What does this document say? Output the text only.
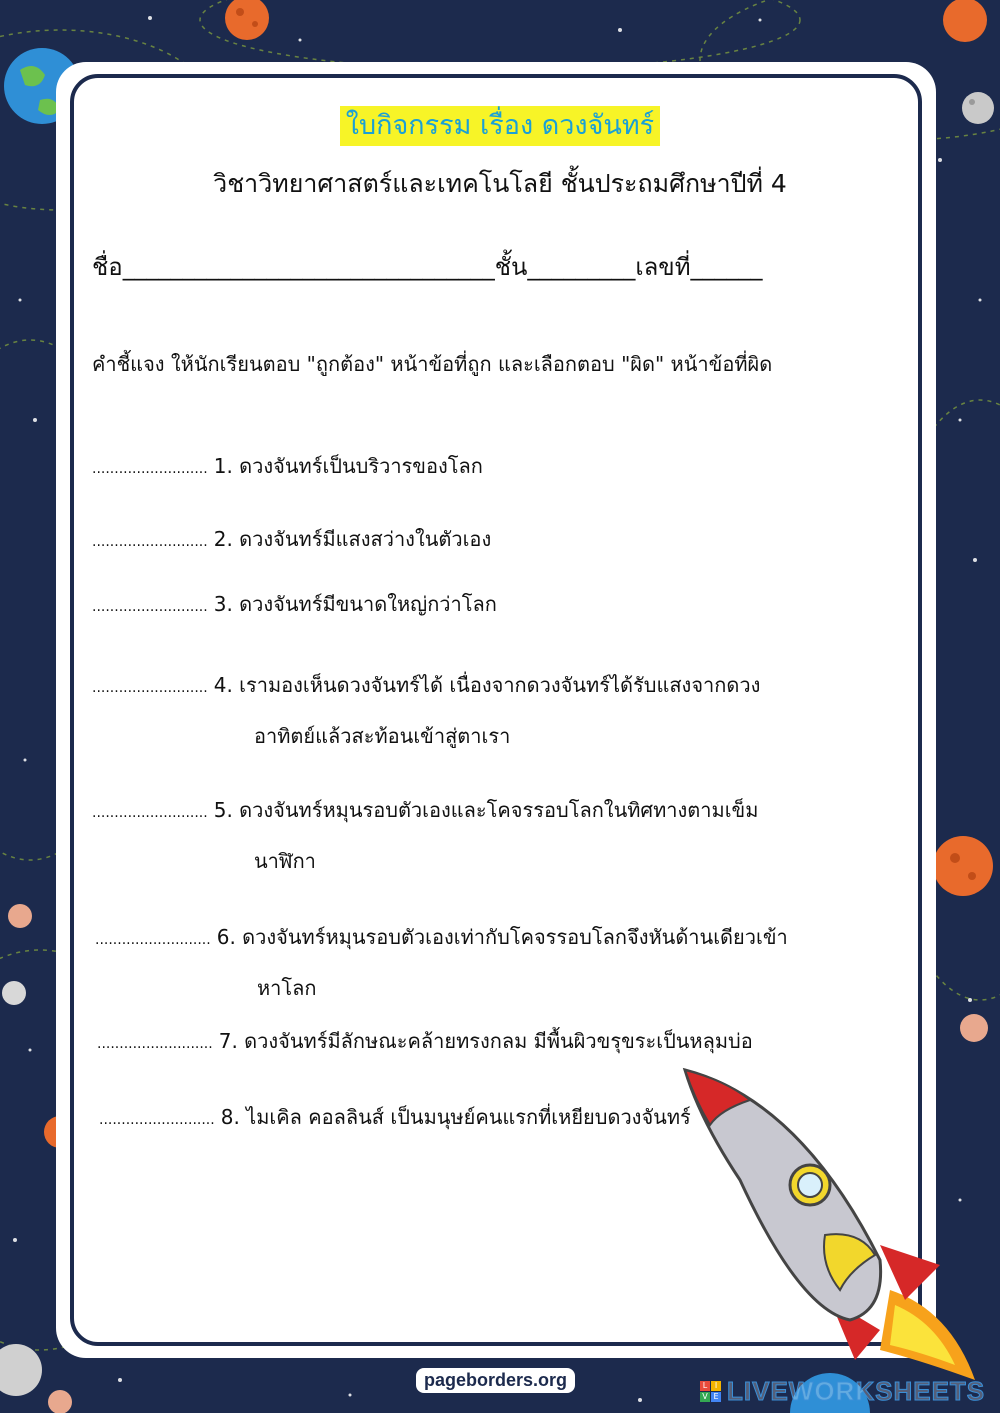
ใบกิจกรรม เรื่อง ดวงจันทร์
วิชาวิทยาศาสตร์และเทคโนโลยี ชั้นประถมศึกษาปีที่ 4
ชื่อ_______________________________ชั้น_________เลขที่______
คำชี้แจง ให้นักเรียนตอบ "ถูกต้อง" หน้าข้อที่ถูก และเลือกตอบ "ผิด" หน้าข้อที่ผิด
.......................... 1. ดวงจันทร์เป็นบริวารของโลก
.......................... 2. ดวงจันทร์มีแสงสว่างในตัวเอง
.......................... 3. ดวงจันทร์มีขนาดใหญ่กว่าโลก
.......................... 4. เรามองเห็นดวงจันทร์ได้ เนื่องจากดวงจันทร์ได้รับแสงจากดวง
อาทิตย์แล้วสะท้อนเข้าสู่ตาเรา
.......................... 5. ดวงจันทร์หมุนรอบตัวเองและโคจรรอบโลกในทิศทางตามเข็ม
นาฬิกา
.......................... 6. ดวงจันทร์หมุนรอบตัวเองเท่ากับโคจรรอบโลกจึงหันด้านเดียวเข้า
หาโลก
.......................... 7. ดวงจันทร์มีลักษณะคล้ายทรงกลม มีพื้นผิวขรุขระเป็นหลุมบ่อ
.......................... 8. ไมเคิล คอลลินส์ เป็นมนุษย์คนแรกที่เหยียบดวงจันทร์
pageborders.org	L I
V E LIVEWORKSHEETS
